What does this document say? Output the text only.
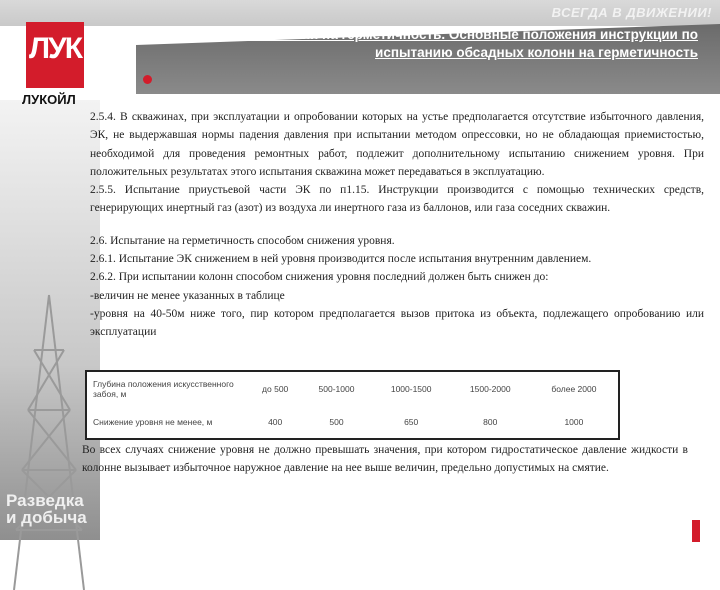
ВСЕГДА В ДВИЖЕНИИ!
Испытание колонн на герметичность. Основные положения инструкции по испытанию обсадных колонн на герметичность
ЛУК
ЛУКОЙЛ
Разведка
и добыча

2.5.4. В скважинах, при эксплуатации и опробовании которых на устье предполагается отсутствие избыточного давления, ЭК, не выдержавшая нормы падения давления при испытании методом опрессовки, но не обладающая приемистостью, необходимой для проведения ремонтных работ, подлежит дополнительному испытанию снижением уровня. При положительных результатах этого испытания скважина может передаваться в эксплуатацию.

2.5.5. Испытание приустьевой части ЭК по п1.15. Инструкции производится с помощью технических средств, генерирующих инертный газ (азот) из воздуха ли инертного газа из баллонов, или газа соседних скважин.

2.6. Испытание на герметичность способом снижения уровня.

2.6.1. Испытание ЭК снижением в ней уровня производится после испытания внутренним давлением.

2.6.2. При испытании колонн способом снижения уровня последний должен быть снижен до:

-величин не менее указанных в таблице

-уровня на 40-50м ниже того, пир котором предполагается вызов притока из объекта, подлежащего опробованию или эксплуатации

Глубина положения искусственного забоя, м	до 500	500-1000	1000-1500	1500-2000	более 2000
Снижение уровня не менее, м	400	500	650	800	1000
Во всех случаях снижение уровня не должно превышать значения, при котором гидростатическое давление жидкости в колонне вызывает избыточное наружное давление на нее выше величин, предельно допустимых на смятие.
